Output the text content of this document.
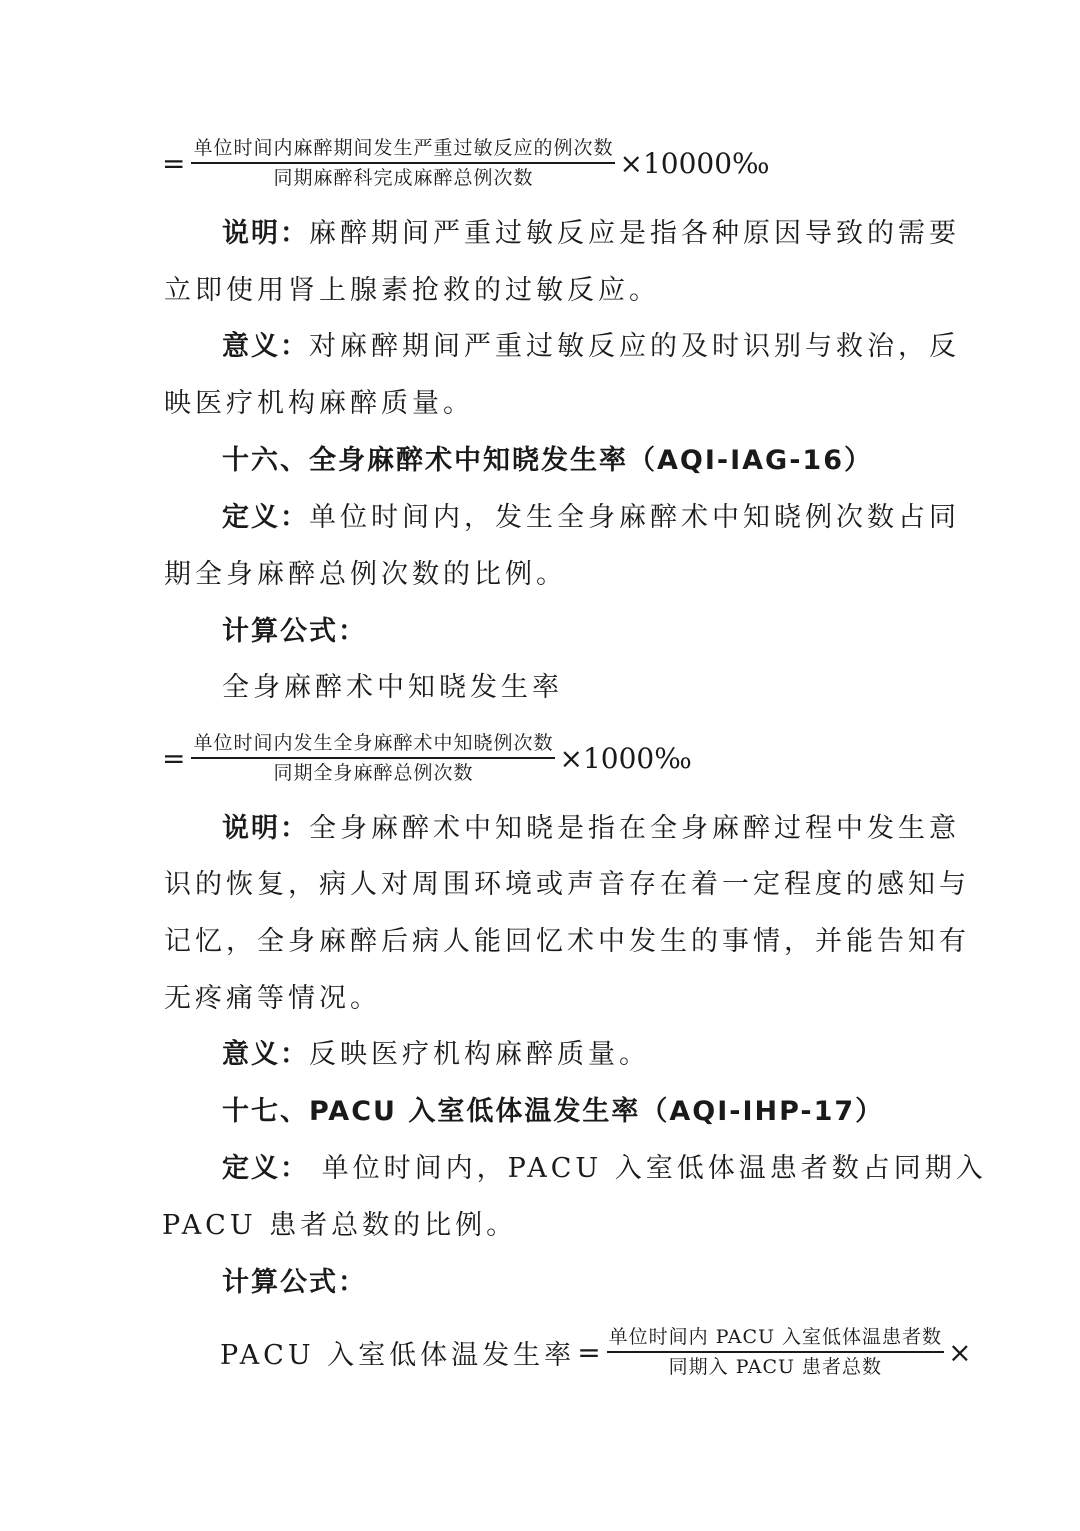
= $\frac{\text{单位时间内麻醉期间发生严重过敏反应的例次数}}{\text{同期麻醉科完成麻醉总例次数}}$ ×10000‰
说明：麻醉期间严重过敏反应是指各种原因导致的需要
立即使用肾上腺素抢救的过敏反应。
意义：对麻醉期间严重过敏反应的及时识别与救治，反
映医疗机构麻醉质量。
十六、全身麻醉术中知晓发生率（AQI-IAG-16）
定义：单位时间内，发生全身麻醉术中知晓例次数占同
期全身麻醉总例次数的比例。
计算公式：
全身麻醉术中知晓发生率
= $\frac{\text{单位时间内发生全身麻醉术中知晓例次数}}{\text{同期全身麻醉总例次数}}$ ×1000‰
说明：全身麻醉术中知晓是指在全身麻醉过程中发生意
识的恢复，病人对周围环境或声音存在着一定程度的感知与
记忆，全身麻醉后病人能回忆术中发生的事情，并能告知有
无疼痛等情况。
意义：反映医疗机构麻醉质量。
十七、PACU 入室低体温发生率（AQI-IHP-17）
定义： 单位时间内，PACU 入室低体温患者数占同期入
PACU 患者总数的比例。
计算公式：
PACU 入室低体温发生率 = $\frac{\text{单位时间内 PACU 入室低体温患者数}}{\text{同期入 PACU 患者总数}}$ ×
